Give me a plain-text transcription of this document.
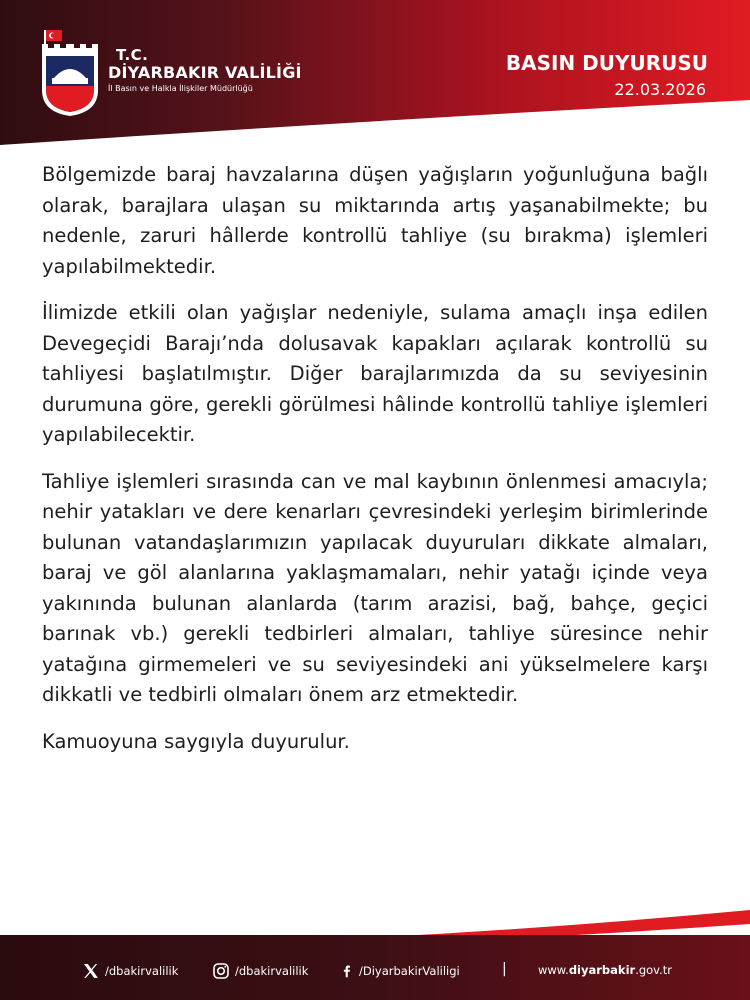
T.C.
DİYARBAKIR VALİLİĞİ
İl Basın ve Halkla İlişkiler Müdürlüğü
BASIN DUYURUSU
22.03.2026

Bölgemizde baraj havzalarına düşen yağışların yoğunluğuna bağlı olarak, barajlara ulaşan su miktarında artış yaşanabilmekte; bu nedenle, zaruri hâllerde kontrollü tahliye (su bırakma) işlemleri yapılabilmektedir.

İlimizde etkili olan yağışlar nedeniyle, sulama amaçlı inşa edilen Devegeçidi Barajı’nda dolusavak kapakları açılarak kontrollü su tahliyesi başlatılmıştır. Diğer barajlarımızda da su seviyesinin durumuna göre, gerekli görülmesi hâlinde kontrollü tahliye işlemleri yapılabilecektir.

Tahliye işlemleri sırasında can ve mal kaybının önlenmesi amacıyla; nehir yatakları ve dere kenarları çevresindeki yerleşim birimlerinde bulunan vatandaşlarımızın yapılacak duyuruları dikkate almaları, baraj ve göl alanlarına yaklaşmamaları, nehir yatağı içinde veya yakınında bulunan alanlarda (tarım arazisi, bağ, bahçe, geçici barınak vb.) gerekli tedbirleri almaları, tahliye süresince nehir yatağına girmemeleri ve su seviyesindeki ani yükselmelere karşı dikkatli ve tedbirli olmaları önem arz etmektedir.

Kamuoyuna saygıyla duyurulur.

/dbakirvalilik	/dbakirvalilik	/DiyarbakirValiligi	|	www.diyarbakir.gov.tr
